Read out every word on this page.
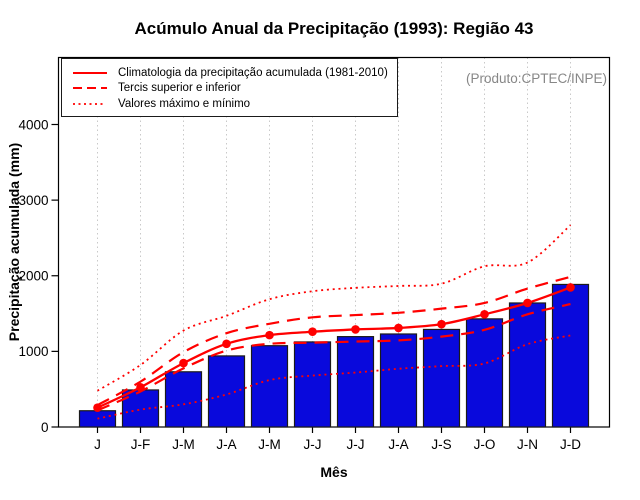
0
1000
2000
3000
4000
J J-F J-M J-A J-M J-J J-J J-A J-S J-O J-N J-D
Acúmulo Anual da Precipitação (1993): Região 43
Precipitação acumulada (mm)
Mês
Climatologia da precipitação acumulada (1981-2010)
Tercis superior e inferior
Valores máximo e mínimo
(Produto:CPTEC/INPE)
